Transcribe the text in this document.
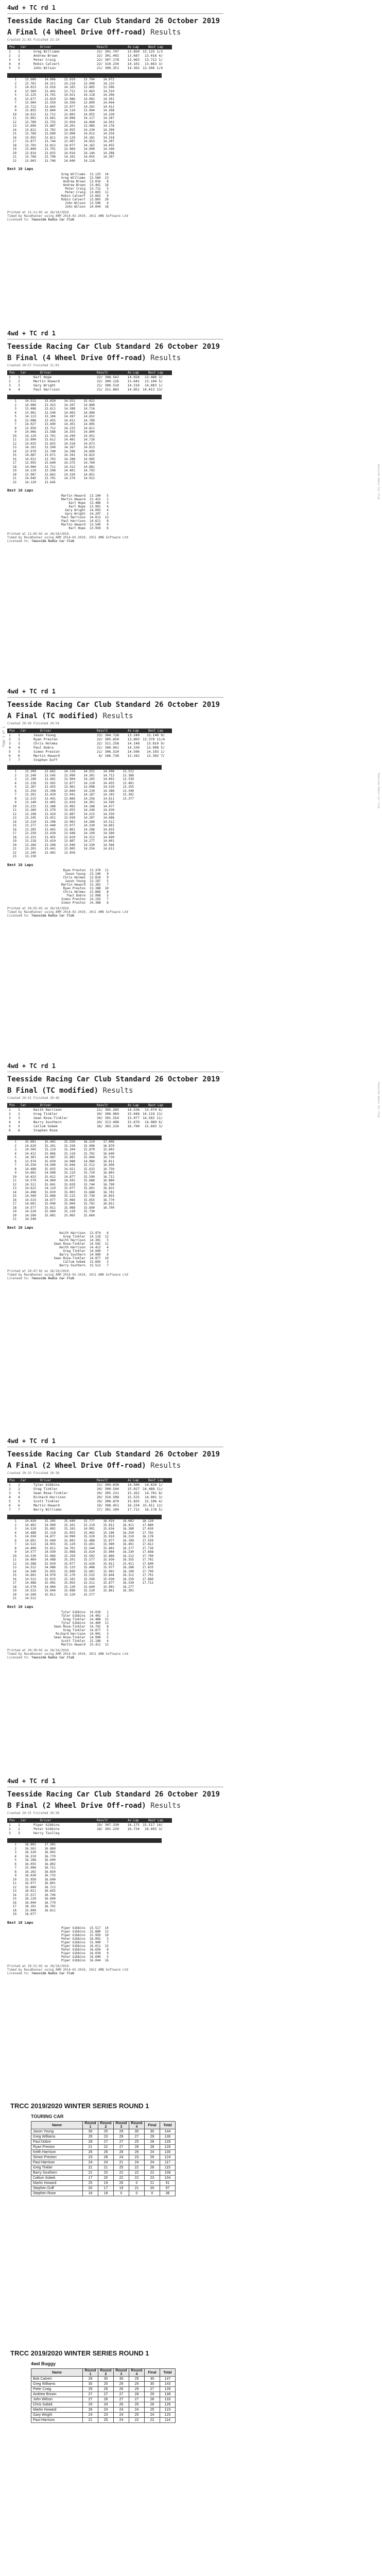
4wd + TC rd 1
Teesside Racing Car Club Standard 26 October 2019
A Final (4 Wheel Drive Off-road) Results
Created 21:05 Finished 21:10
Pos Car	Driver	Result	Av.Lap	Best Lap
1	1	Greg Williams	22/ 301.747	13.850	13.125 1/3
2	2	Andrew Brown	22/ 301.402	13.687	13.016 4/
3	3	Peter Craig	22/ 307.178	13.963	13.712 1/
4	4	Robin Calvert	22/ 310.234	14.101	13.663 3/
5	5	John Wilson	21/ 300.351	14.302	13.506 1/4
1	13.900	14.006	13.910	13.704	14.072
2	13.781	14.311	14.216	13.990	14.133
3	14.013	13.016	14.103	13.805	13.506
4	13.560	13.441	13.712	13.663	14.510
5	13.125	13.701	14.021	14.118	14.206
6	13.677	13.810	13.986	14.002	14.301
7	13.904	13.550	14.350	13.890	14.044
8	13.712	13.643	13.977	14.201	14.412
9	13.855	13.804	14.110	13.994	14.268
10	14.022	13.712	13.893	14.055	14.330
11	13.901	13.661	14.006	14.117	14.287
12	13.780	13.755	13.950	14.068	14.501
13	13.694	13.887	14.201	13.984	14.176
14	13.812	13.702	14.055	14.230	14.399
15	13.760	13.690	13.908	14.012	14.254
16	13.955	13.811	14.120	14.181	14.318
17	13.877	13.744	13.997	14.053	14.207
18	13.703	13.812	14.077	14.162	14.455
19	13.890	13.701	13.960	14.090	14.340
20	13.814	13.655	14.016	14.144	14.288
21	13.768	13.790	14.101	14.055	14.397
22	13.903	13.706	14.040	14.118	
Best 10 Laps
Greg Williams	13.125	14
Greg Williams	13.560	13
Andrew Brown	13.016	8
Andrew Brown	13.441	16
Peter Craig	13.712	5
Peter Craig	13.893	11
Robin Calvert	13.663	9
Robin Calvert	13.805	20
John Wilson	13.506	4
John Wilson	14.044	18
Printed at 21:11:02 on 26/10/2019.
Timed by RaceRunner using ARM 2014-02-2010, 2011 AMB Software Ltd
Licensed to: Teesside Radio Car Club
4wd + TC rd 1
Teesside Racing Car Club Standard 26 October 2019
B Final (4 Wheel Drive Off-road) Results
Created 20:57 Finished 21:02
Pos Car	Driver	Result	Av.Lap	Best Lap
1	1	Karl Hope	22/ 308.542	14.024	13.486 3/
2	2	Martin Howard	22/ 300.126	13.642	13.104 5/
3	3	Gary Wright	21/ 300.510	14.310	14.003 1/
4	4	Paul Harrison	21/ 311.883	14.851	14.013 13/
1	14.512	13.820	14.551	15.021
2	14.006	13.415	14.207	14.880
3	13.486	13.611	14.388	14.716
4	13.901	13.540	14.003	14.990
5	14.113	13.104	14.287	14.652
6	13.988	13.455	14.412	14.780
7	14.027	13.690	14.301	14.905
8	13.950	13.712	14.233	14.611
9	14.066	13.588	14.355	14.804
10	14.120	13.701	14.290	14.951
11	13.994	13.612	14.402	14.726
12	14.035	13.655	14.318	14.873
13	14.101	13.590	14.267	14.013
14	13.970	13.740	14.396	14.690
15	14.087	13.671	14.341	14.822
16	14.012	13.703	14.288	14.905
17	13.955	13.640	14.375	14.760
18	14.066	13.711	14.312	14.881
19	14.110	13.598	14.401	14.793
20	13.987	13.662	14.334	14.851
21	14.045	13.701	14.270	14.912
22	14.120	13.645		
Best 10 Laps
Martin Howard	13.104	5
Martin Howard	13.415	2
Karl Hope	13.486	3
Karl Hope	13.901	4
Gary Wright	14.003	4
Gary Wright	14.207	2
Paul Harrison	14.013	13
Paul Harrison	14.611	8
Martin Howard	13.540	4
Karl Hope	13.950	8
Printed at 21:03:02 on 26/10/2019.
Timed by RaceRunner using ARM 2014-02-2010, 2011 AMB Software Ltd
Licensed to: Teesside Radio Car Club
4wd + TC rd 1
Teesside Racing Car Club Standard 26 October 2019
A Final (TC modified) Results
Created 20:49 Finished 20:54
Pos Car	Driver	Result	Av.Lap	Best Lap
1	1	Jason Young	23/ 304.728	13.249	13.140 9/
2	2	Ryan Preston	22/ 305.650	13.893	13.370 11/4
3	3	Chris Holmes	22/ 311.258	14.148	13.810 9/
4	4	Paul Dobre	21/ 300.941	14.330	13.998 5/
5	5	Simon Preston	21/ 306.520	14.596	14.103 1/
6	6	Martin Howard	8/ 106.738	13.342	13.302 7/
7	7	Stephen Duff			
1	13.309	13.662	14.118	14.552	14.998	13.512
2	13.240	13.545	13.990	14.301	14.712	13.388
3	13.198	13.481	13.904	14.205	14.603	13.330
4	13.226	13.502	13.877	14.118	14.455	13.401
5	13.187	13.455	13.962	13.998	14.520	13.355
6	13.254	13.398	13.890	14.230	14.388	13.340
7	13.201	13.420	13.941	14.187	14.103	13.302
8	13.215	13.441	13.866	14.256	14.611	13.377
9	13.140	13.405	13.810	14.301	14.590	
10	13.233	13.388	13.902	14.188	14.477	
11	13.260	13.370	13.955	14.240	14.630	
12	13.198	13.410	13.887	14.315	14.550	
13	13.245	13.451	13.930	14.207	14.688	
14	13.210	13.398	13.902	14.266	14.512	
15	13.277	13.440	13.977	14.330	14.601	
16	13.205	13.402	13.861	14.288	14.655	
17	13.250	13.430	13.948	14.199	14.580	
18	13.233	13.455	13.920	14.312	14.690	
19	13.218	13.410	13.887	14.277	14.601	
20	13.266	13.398	13.940	14.330	14.566	
21	13.201	13.441	13.905	14.254	14.612	
22	13.245	13.402	13.950			
23	13.230					
Best 10 Laps
Ryan Preston	13.370	11
Jason Young	13.140	9
Chris Holmes	13.810	9
Jason Young	13.187	5
Martin Howard	13.302	7
Ryan Preston	13.388	10
Chris Holmes	13.866	8
Paul Dobre	13.998	5
Simon Preston	14.103	7
Simon Preston	14.388	6
Printed at 20:55:02 on 26/10/2019.
Timed by RaceRunner using ARM 2014-02-2010, 2011 AMB Software Ltd
Licensed to: Teesside Radio Car Club
4wd + TC rd 1
Teesside Racing Car Club Standard 26 October 2019
B Final (TC modified) Results
Created 20:41 Finished 20:46
Pos Car	Driver	Result	Av.Lap	Best Lap
1	1	Keith Harrison	21/ 305.265	14.536	13.974 6/
2	2	Greg Tinkler	20/ 300.960	15.048	14.110 13/
3	3	Sean Rose-Tinkler	20/ 301.554	15.077	14.502 11/
4	4	Barry Southern	20/ 313.408	15.670	14.989 6/
5	5	Callum Sobek	18/ 302.226	16.790	15.603 3/
6	6	Stephen Rose			
1	15.001	15.402	15.550	16.210	17.006
2	14.620	15.201	15.330	15.998	16.870
3	14.505	15.110	15.204	15.870	15.603
4	14.412	15.066	15.118	15.702	16.640
5	14.301	14.987	15.002	15.604	16.720
6	13.974	15.020	14.988	14.989	16.811
7	14.550	14.940	15.044	15.512	16.690
8	14.488	15.055	14.921	15.633	16.750
9	14.602	14.998	15.110	15.720	16.803
10	14.433	15.012	14.877	15.590	16.712
11	14.570	14.960	14.502	15.688	16.880
12	14.511	15.041	15.020	15.744	16.790
13	14.622	14.110	15.077	15.601	16.822
14	14.498	15.020	15.003	15.688	16.701
15	14.560	15.088	15.115	15.730	16.855
16	14.533	14.977	15.066	15.655	16.770
17	14.601	15.040	15.004	15.702	16.812
18	14.577	15.011	15.088	15.690	16.790
19	14.520	15.060	15.120	15.730	
20	14.590	15.002	15.065	15.660	
21	14.540				
Best 10 Laps
Keith Harrison	13.974	6
Greg Tinkler	14.110	13
Keith Harrison	14.301	5
Sean Rose-Tinkler	14.502	11
Keith Harrison	14.412	4
Greg Tinkler	14.940	7
Barry Southern	14.989	6
Sean Rose-Tinkler	14.877	10
Callum Sobek	15.603	3
Barry Southern	15.512	7
Printed at 20:47:02 on 26/10/2019.
Timed by RaceRunner using ARM 2014-02-2010, 2011 AMB Software Ltd
Licensed to: Teesside Radio Car Club
4wd + TC rd 1
Teesside Racing Car Club Standard 26 October 2019
A Final (2 Wheel Drive Off-road) Results
Created 20:33 Finished 20:38
Pos Car	Driver	Result	Av.Lap	Best Lap
1	1	Tyler Gibbins	21/ 304.630	14.506	14.020 1/
2	2	Greg Tinkler	20/ 300.544	15.027	14.488 11/
3	3	Sean Rose-Tinkler	20/ 305.231	15.262	14.701 8/
4	4	Richard Harrison	20/ 310.508	15.525	14.901 3/
5	5	Scott Tinkler	19/ 300.870	15.835	15.106 4/
6	6	Martin Howard	19/ 308.451	16.234	15.411 12/
7	7	Barry Williams	17/ 301.104	17.712	16.178 5/
1	14.020	15.205	15.440	15.777	16.010	16.602	18.120
2	14.402	14.990	15.201	15.210	15.812	16.411	17.880
3	14.510	15.002	15.103	14.901	15.634	16.388	17.650
4	14.488	15.110	15.055	15.402	15.106	16.250	17.702
5	14.550	14.877	14.990	15.520	15.910	16.310	16.178
6	14.601	15.040	15.002	15.488	15.877	16.190	17.550
7	14.522	14.955	15.120	15.601	15.990	16.401	17.812
8	14.490	15.011	14.701	15.544	15.802	16.277	17.730
9	14.577	14.930	15.088	15.610	15.904	16.330	17.688
10	14.530	15.066	15.150	15.502	15.866	16.212	17.790
11	14.460	14.488	15.201	15.577	15.930	16.355	17.702
12	14.588	15.020	15.077	15.630	15.811	15.411	17.840
13	14.512	14.988	15.133	15.488	15.977	16.288	17.655
14	14.540	15.055	15.090	15.601	15.902	16.190	17.790
15	14.601	14.970	15.170	15.532	15.844	16.312	17.701
16	14.522	15.033	15.102	15.590	15.930	16.250	17.880
17	14.488	15.002	15.055	15.511	15.877	16.330	17.712
18	14.570	14.960	15.130	15.640	15.902	16.277	
19	14.533	15.044	15.088	15.520	15.861	16.301	
20	14.590	15.011	15.120	15.577			
21	14.512						
Best 10 Laps
Tyler Gibbins	14.020	1
Tyler Gibbins	14.402	2
Greg Tinkler	14.488	11
Tyler Gibbins	14.460	11
Sean Rose-Tinkler	14.701	8
Greg Tinkler	14.877	5
Richard Harrison	14.901	3
Sean Rose-Tinkler	14.990	5
Scott Tinkler	15.106	4
Martin Howard	15.411	12
Printed at 20:39:02 on 26/10/2019.
Timed by RaceRunner using ARM 2014-02-2010, 2011 AMB Software Ltd
Licensed to: Teesside Radio Car Club
4wd + TC rd 1
Teesside Racing Car Club Standard 26 October 2019
B Final (2 Wheel Drive Off-road) Results
Created 20:25 Finished 20:30
Pos Car	Driver	Result	Av.Lap	Best Lap
1	1	Piper Gibbins	19/ 307.330	16.175	15.517 14/
2	2	Peter Gibbins	18/ 301.220	16.734	16.002 3/
3	3	Harry Toulley			
1	16.802	17.301
2	16.501	16.880
3	16.330	16.002
4	16.210	16.770
5	16.188	16.690
6	16.055	16.802
7	15.990	16.711
8	16.102	16.650
9	16.030	16.733
10	15.950	16.690
11	16.077	16.801
12	15.880	16.712
13	16.011	16.655
14	15.517	16.744
15	16.120	16.690
16	16.044	16.770
17	16.101	16.702
18	15.990	16.811
19	16.077	
Best 10 Laps
Piper Gibbins	15.517	14
Piper Gibbins	15.880	12
Piper Gibbins	15.950	10
Peter Gibbins	16.002	3
Piper Gibbins	15.990	7
Piper Gibbins	16.011	13
Peter Gibbins	16.650	8
Piper Gibbins	16.030	9
Peter Gibbins	16.690	5
Piper Gibbins	16.044	16
Printed at 20:31:02 on 26/10/2019.
Timed by RaceRunner using ARM 2014-02-2010, 2011 AMB Software Ltd
Licensed to: Teesside Radio Car Club
Page 1 of 1
Teesside Radio Car Club
Teesside Radio Car Club
Teesside Radio Car Club
TRCC 2019/2020 WINTER SERIES ROUND 1
TOURING CAR
Name	Round 1	Round 2	Round 3	Round 4	Final	Total
Jason Young	30	25	29	30	30	144
Greg Williams	29	23	28	27	29	136
Paul Dobre	28	27	27	25	28	135
Ryan Preston	21	22	27	28	28	126
Keith Harrison	26	26	28	26	24	130
Simon Preston	23	28	24	23	26	124
Paul Harrison	24	24	21	24	24	117
Greg Tinkler	21	21	25	22	26	115
Barry Southern	22	20	22	22	22	108
Callum Sobek	17	20	22	22	23	104
Martin Howard	25	19	26	0	21	91
Stephen Duff	20	17	19	21	20	97
Stephen Rose	18	18	0	0	0	36
TRCC 2019/2020 WINTER SERIES ROUND 1
4wd Buggy
Name	Round 1	Round 2	Round 3	Round 4	Final	Total
Bob Calvert	28	30	30	29	30	147
Greg Williams	30	25	29	29	30	143
Peter Craig	29	28	26	29	27	139
Andrew Brown	27	27	27	28	29	138
John Wilson	27	26	27	27	26	133
Chris Sobek	25	24	26	25	26	126
Martin Howard	26	24	24	24	25	123
Gary Wright	24	23	24	25	24	120
Paul Harrison	21	25	24	22	22	114
